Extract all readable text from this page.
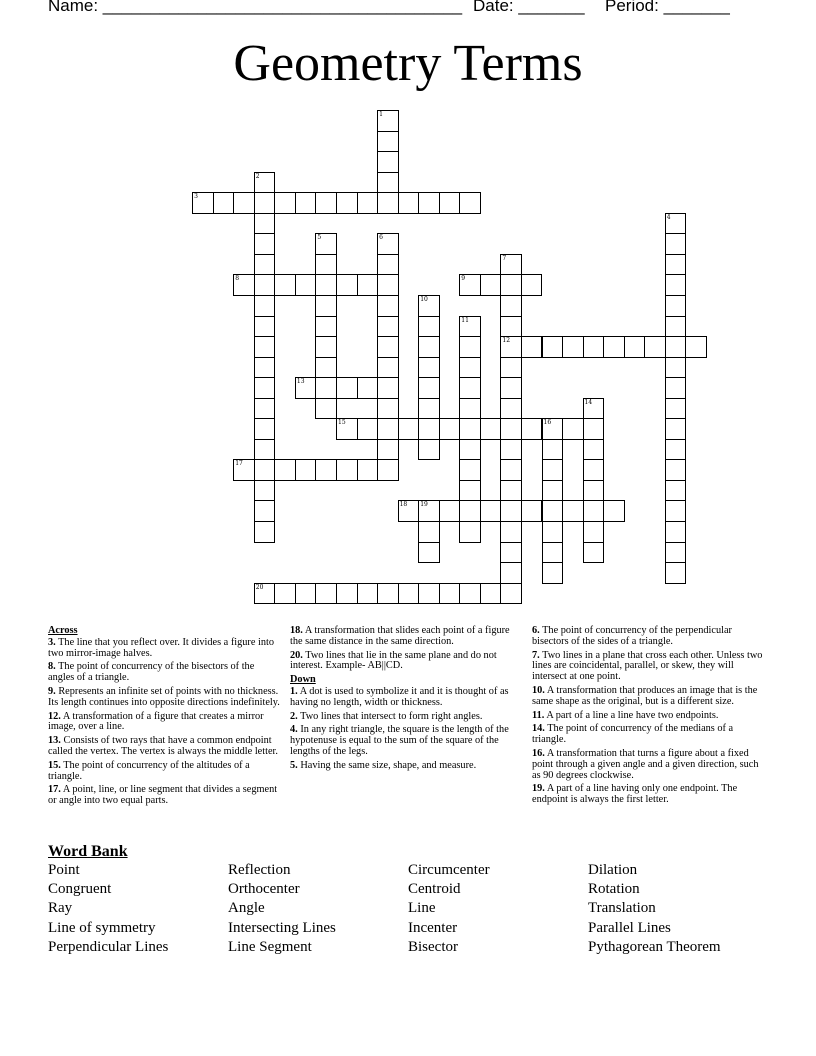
Name: ______________________________________ Date: _______ Period: _______
Geometry Terms
1
2
3
4
5	6
7
12
8	9
10
11
13
14
15	16
17
18 19
20
Across
3. The line that you reflect over. It divides a figure into two mirror-image halves.
8. The point of concurrency of the bisectors of the angles of a triangle.
9. Represents an infinite set of points with no thickness. Its length continues into opposite directions indefinitely.
12. A transformation of a figure that creates a mirror image, over a line.
13. Consists of two rays that have a common endpoint called the vertex. The vertex is always the middle letter.
15. The point of concurrency of the altitudes of a triangle.
17. A point, line, or line segment that divides a segment or angle into two equal parts.
18. A transformation that slides each point of a figure the same distance in the same direction.
20. Two lines that lie in the same plane and do not interest. Example- AB||CD.
Down
1. A dot is used to symbolize it and it is thought of as having no length, width or thickness.
2. Two lines that intersect to form right angles.
4. In any right triangle, the square is the length of the hypotenuse is equal to the sum of the square of the lengths of the legs.
5. Having the same size, shape, and measure.
6. The point of concurrency of the perpendicular bisectors of the sides of a triangle.
7. Two lines in a plane that cross each other. Unless two lines are coincidental, parallel, or skew, they will intersect at one point.
10. A transformation that produces an image that is the same shape as the original, but is a different size.
11. A part of a line a line have two endpoints.
14. The point of concurrency of the medians of a triangle.
16. A transformation that turns a figure about a fixed point through a given angle and a given direction, such as 90 degrees clockwise.
19. A part of a line having only one endpoint. The endpoint is always the first letter.
Word Bank
Point	Reflection	Circumcenter	Dilation
Congruent	Orthocenter	Centroid	Rotation
Ray	Angle	Line	Translation
Line of symmetry	Intersecting Lines	Incenter	Parallel Lines
Perpendicular Lines	Line Segment	Bisector	Pythagorean Theorem
